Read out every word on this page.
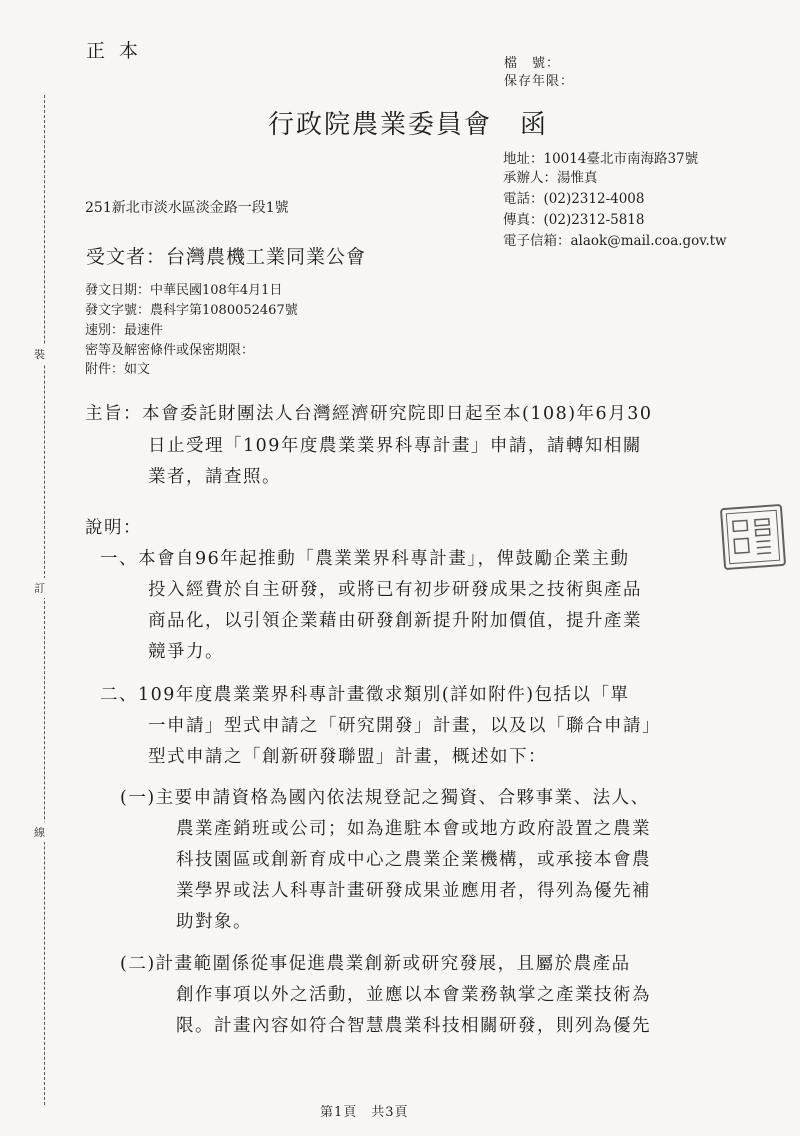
裝
訂
線
正本
檔　號：
保存年限：
行政院農業委員會 函
地址：10014臺北市南海路37號
承辦人：湯惟真
電話：(02)2312-4008
傳真：(02)2312-5818
電子信箱：alaok@mail.coa.gov.tw
251新北市淡水區淡金路一段1號
受文者：台灣農機工業同業公會
發文日期：中華民國108年4月1日
發文字號：農科字第1080052467號
速別：最速件
密等及解密條件或保密期限：
附件：如文
主旨：本會委託財團法人台灣經濟研究院即日起至本(108)年6月30
日止受理「109年度農業業界科專計畫」申請，請轉知相關
業者，請查照。
說明：
一、本會自96年起推動「農業業界科專計畫」，俾鼓勵企業主動
投入經費於自主研發，或將已有初步研發成果之技術與產品
商品化，以引領企業藉由研發創新提升附加價值，提升產業
競爭力。
二、109年度農業業界科專計畫徵求類別(詳如附件)包括以「單
一申請」型式申請之「研究開發」計畫，以及以「聯合申請」
型式申請之「創新研發聯盟」計畫，概述如下：
(一)主要申請資格為國內依法規登記之獨資、合夥事業、法人、
農業產銷班或公司；如為進駐本會或地方政府設置之農業
科技園區或創新育成中心之農業企業機構，或承接本會農
業學界或法人科專計畫研發成果並應用者，得列為優先補
助對象。
(二)計畫範圍係從事促進農業創新或研究發展，且屬於農產品
創作事項以外之活動，並應以本會業務執掌之產業技術為
限。計畫內容如符合智慧農業科技相關研發，則列為優先
第1頁　共3頁
